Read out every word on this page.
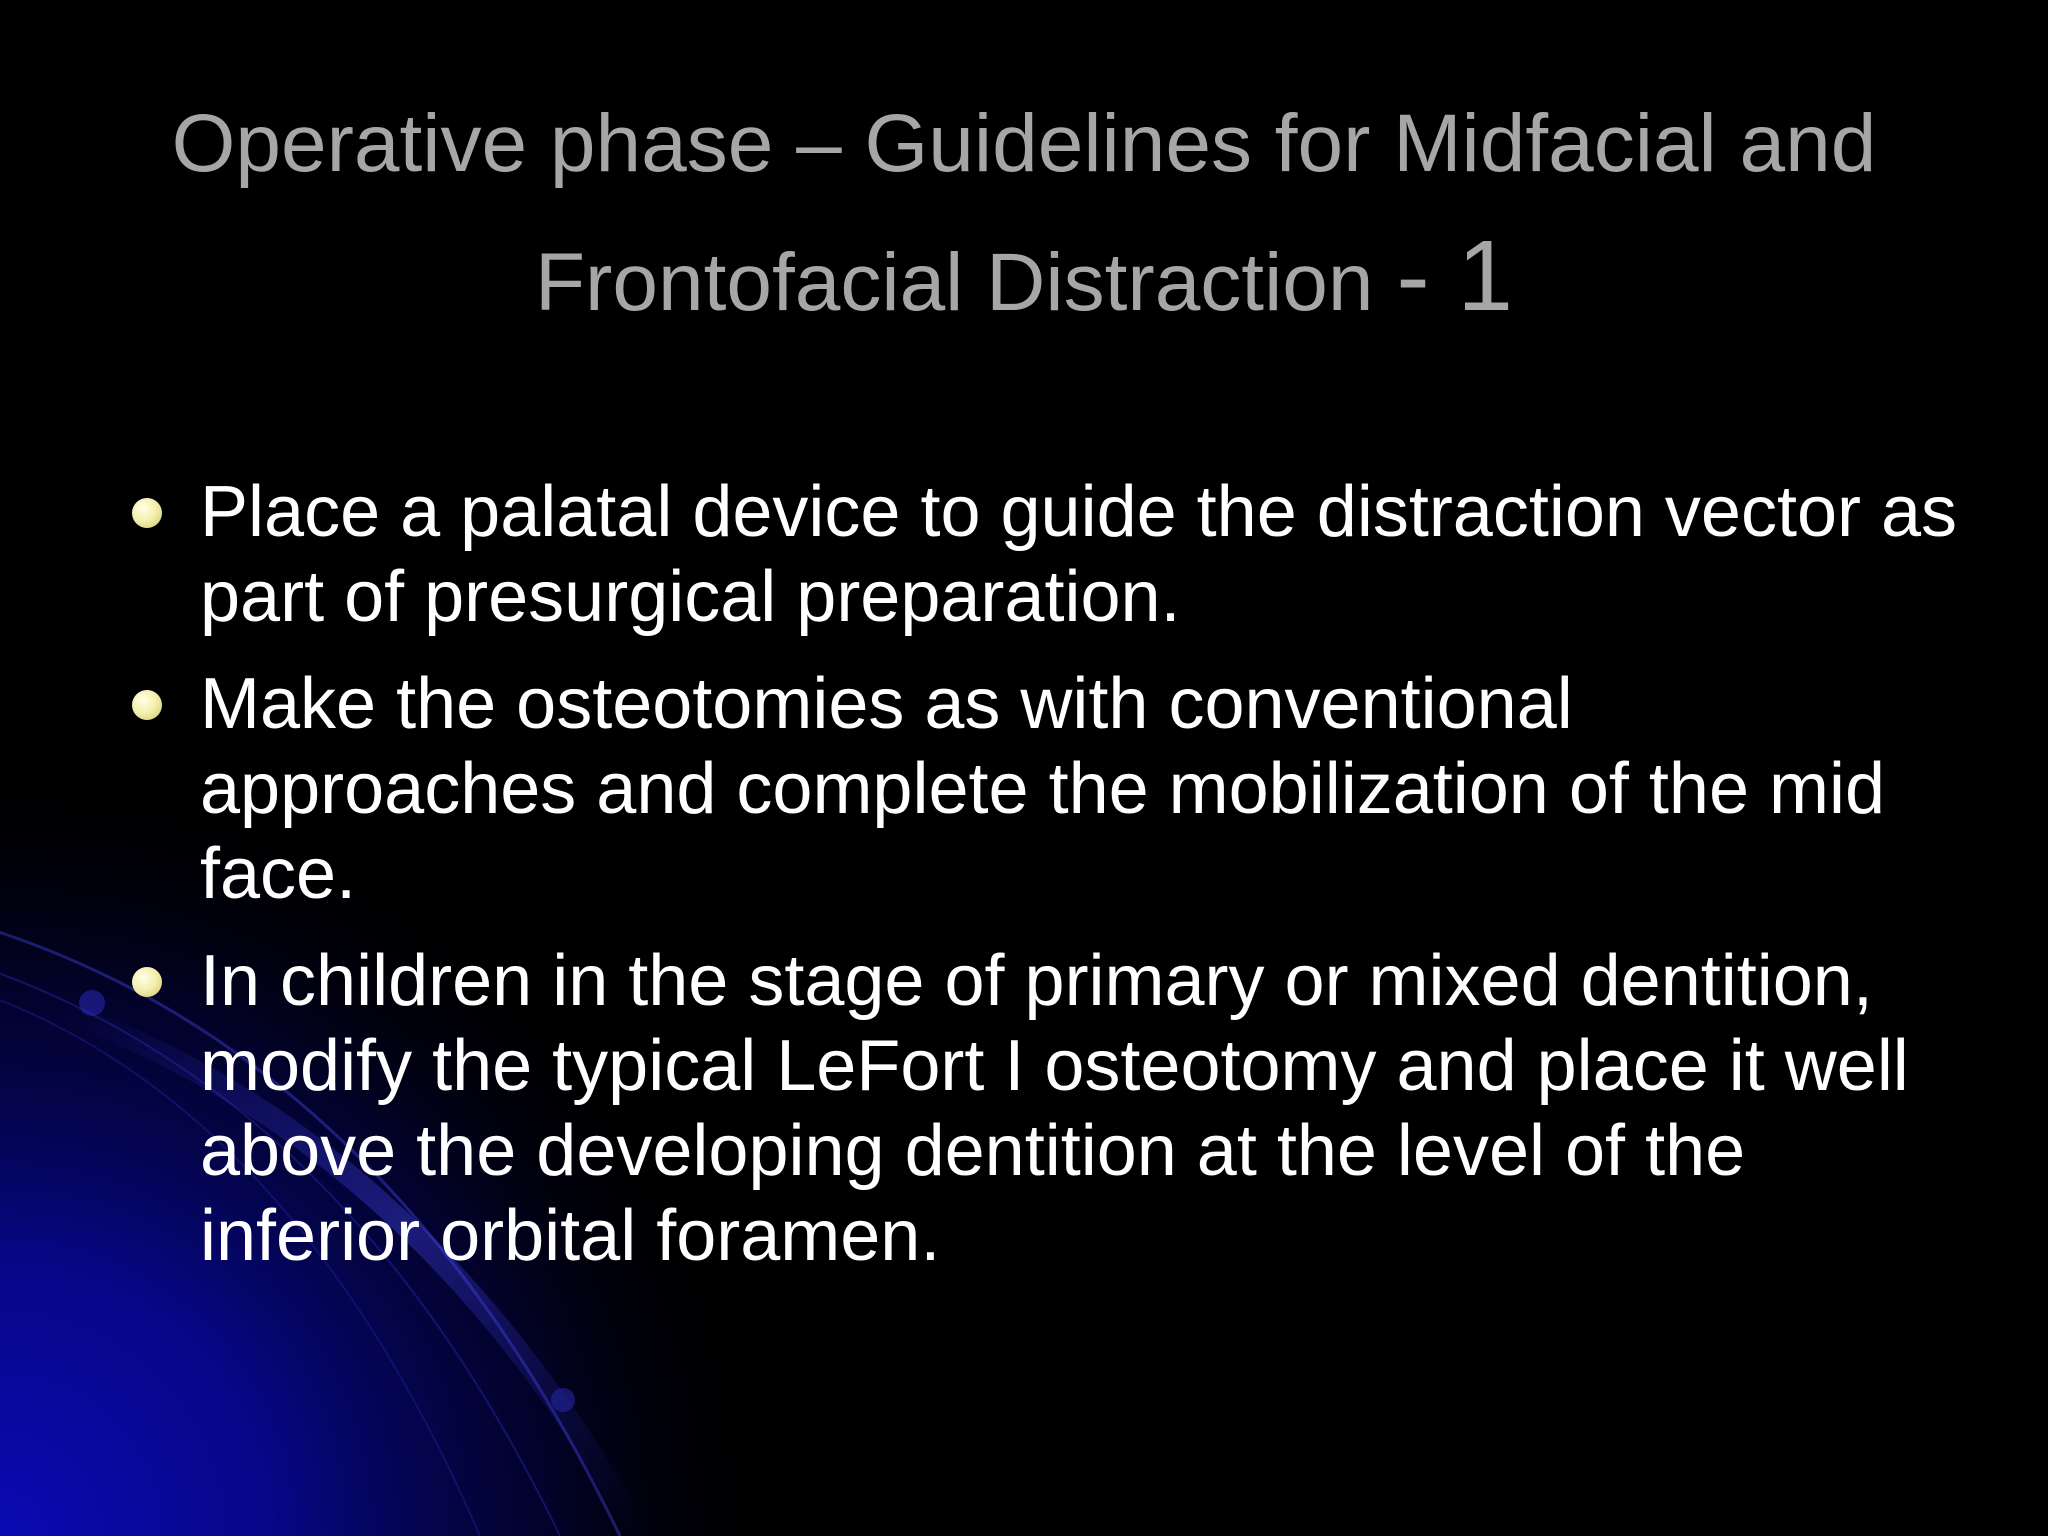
Operative phase – Guidelines for Midfacial and Frontofacial Distraction - 1
Place a palatal device to guide the distraction vector as part of presurgical preparation.
Make the osteotomies as with conventional approaches and complete the mobilization of the mid face.
In children in the stage of primary or mixed dentition, modify the typical LeFort I osteotomy and place it well above the developing dentition at the level of the inferior orbital foramen.
